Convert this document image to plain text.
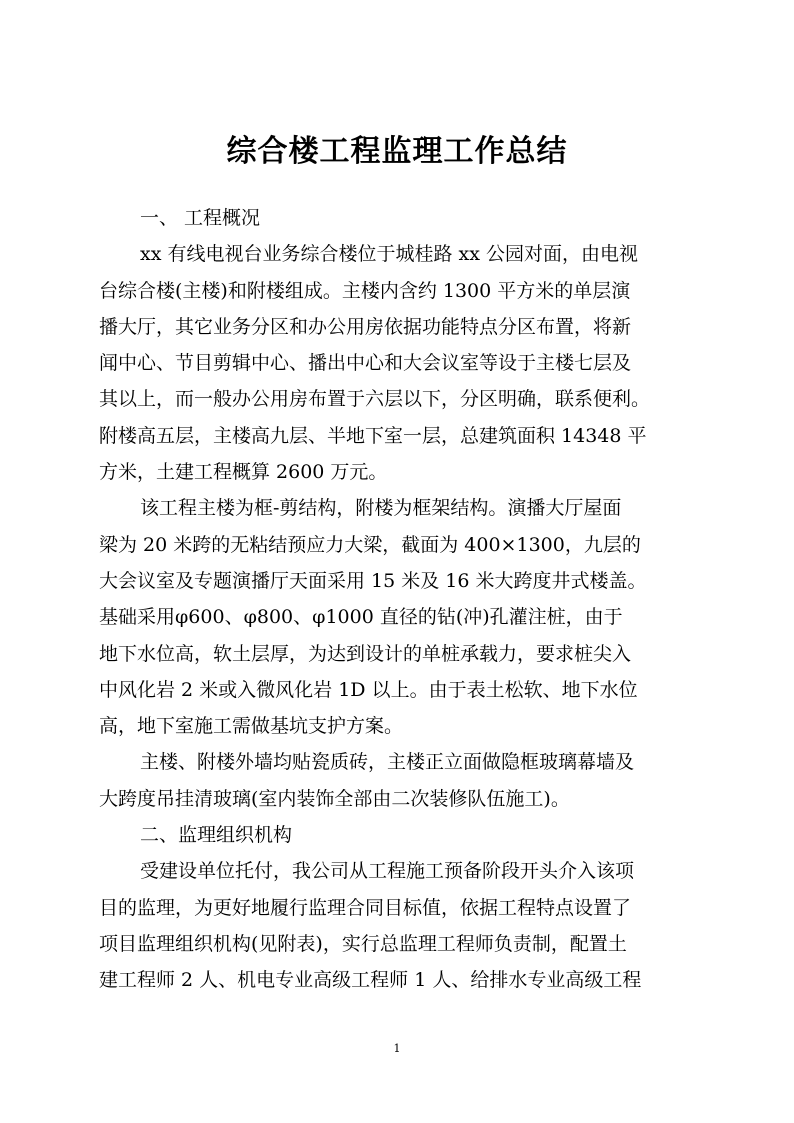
综合楼工程监理工作总结
一、 工程概况
xx 有线电视台业务综合楼位于城桂路 xx 公园对面，由电视
台综合楼(主楼)和附楼组成。主楼内含约 1300 平方米的单层演
播大厅，其它业务分区和办公用房依据功能特点分区布置，将新
闻中心、节目剪辑中心、播出中心和大会议室等设于主楼七层及
其以上，而一般办公用房布置于六层以下，分区明确，联系便利。
附楼高五层，主楼高九层、半地下室一层，总建筑面积 14348 平
方米，土建工程概算 2600 万元。
该工程主楼为框-剪结构，附楼为框架结构。演播大厅屋面
梁为 20 米跨的无粘结预应力大梁，截面为 400×1300，九层的
大会议室及专题演播厅天面采用 15 米及 16 米大跨度井式楼盖。
基础采用φ600、φ800、φ1000 直径的钻(冲)孔灌注桩，由于
地下水位高，软土层厚，为达到设计的单桩承载力，要求桩尖入
中风化岩 2 米或入微风化岩 1D 以上。由于表土松软、地下水位
高，地下室施工需做基坑支护方案。
主楼、附楼外墙均贴瓷质砖，主楼正立面做隐框玻璃幕墙及
大跨度吊挂清玻璃(室内装饰全部由二次装修队伍施工)。
二、监理组织机构
受建设单位托付，我公司从工程施工预备阶段开头介入该项
目的监理，为更好地履行监理合同目标值，依据工程特点设置了
项目监理组织机构(见附表)，实行总监理工程师负责制，配置土
建工程师 2 人、机电专业高级工程师 1 人、给排水专业高级工程
1
